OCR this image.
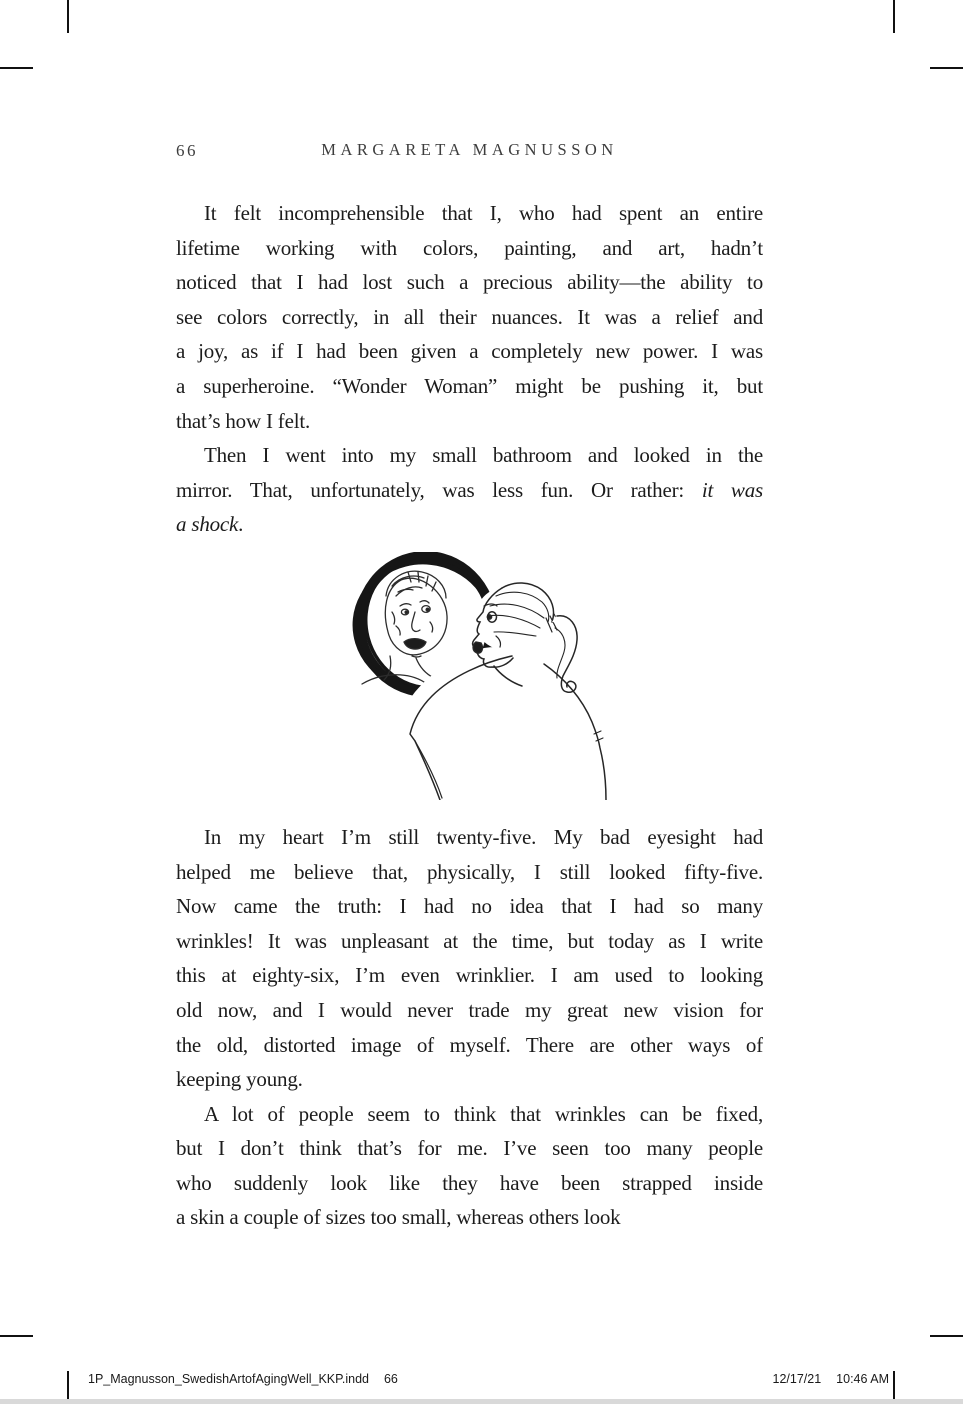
66	MARGARETA MAGNUSSON
It felt incomprehensible that I, who had spent an entire
lifetime working with colors, painting, and art, hadn’t
noticed that I had lost such a precious ability—the ability to
see colors correctly, in all their nuances. It was a relief and
a joy, as if I had been given a completely new power. I was
a superheroine. “Wonder Woman” might be pushing it, but
that’s how I felt.
Then I went into my small bathroom and looked in the
mirror. That, unfortunately, was less fun. Or rather: it was
a shock.
In my heart I’m still twenty-five. My bad eyesight had
helped me believe that, physically, I still looked fifty-five.
Now came the truth: I had no idea that I had so many
wrinkles! It was unpleasant at the time, but today as I write
this at eighty-six, I’m even wrinklier. I am used to looking
old now, and I would never trade my great new vision for
the old, distorted image of myself. There are other ways of
keeping young.
A lot of people seem to think that wrinkles can be fixed,
but I don’t think that’s for me. I’ve seen too many people
who suddenly look like they have been strapped inside
a skin a couple of sizes too small, whereas others look
1P_Magnusson_SwedishArtofAgingWell_KKP.indd 66	12/17/21 10:46 AM
